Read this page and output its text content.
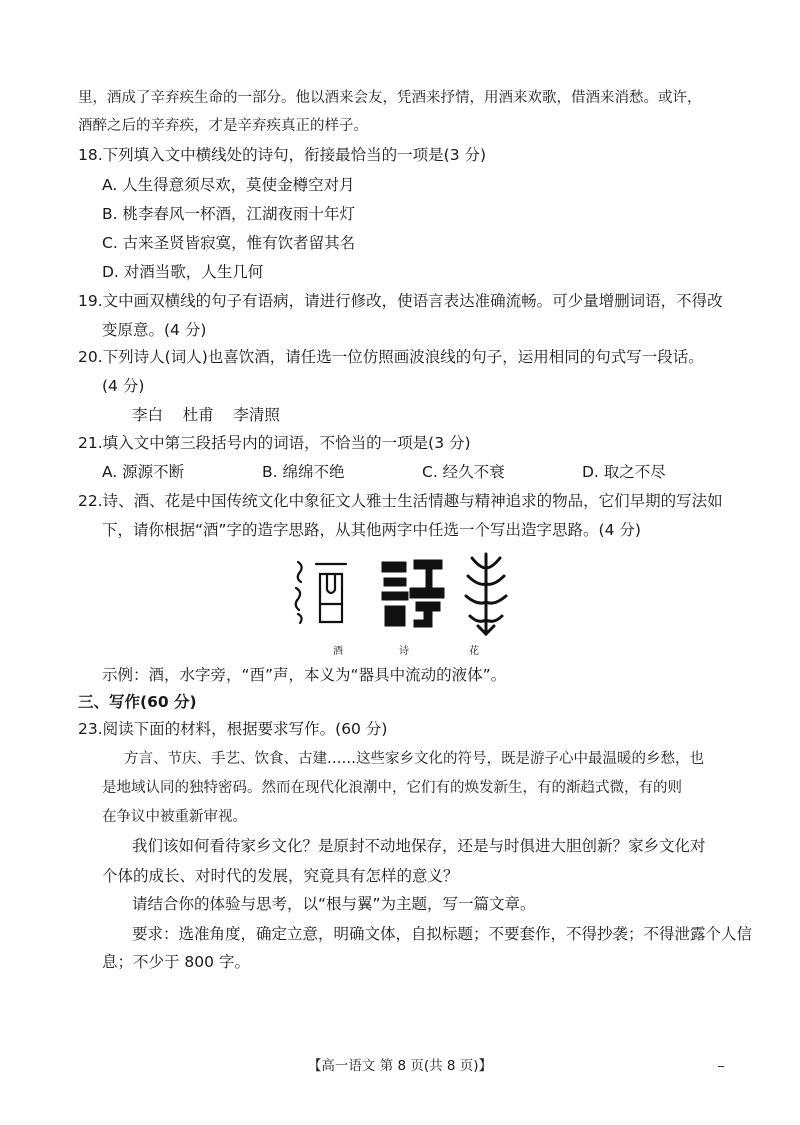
里，酒成了辛弃疾生命的一部分。他以酒来会友，凭酒来抒情，用酒来欢歌，借酒来消愁。或许，
酒醉之后的辛弃疾，才是辛弃疾真正的样子。
18.下列填入文中横线处的诗句，衔接最恰当的一项是(3 分)
A. 人生得意须尽欢，莫使金樽空对月
B. 桃李春风一杯酒，江湖夜雨十年灯
C. 古来圣贤皆寂寞，惟有饮者留其名
D. 对酒当歌，人生几何
19.文中画双横线的句子有语病，请进行修改，使语言表达准确流畅。可少量增删词语，不得改
变原意。(4 分)
20.下列诗人(词人)也喜饮酒，请任选一位仿照画波浪线的句子，运用相同的句式写一段话。
(4 分)
李白    杜甫    李清照
21.填入文中第三段括号内的词语，不恰当的一项是(3 分)
A. 源源不断	B. 绵绵不绝	C. 经久不衰	D. 取之不尽
22.诗、酒、花是中国传统文化中象征文人雅士生活情趣与精神追求的物品，它们早期的写法如
下，请你根据“酒”字的造字思路，从其他两字中任选一个写出造字思路。(4 分)
酒	诗	花
示例：酒，水字旁，“酉”声，本义为“器具中流动的液体”。
三、写作(60 分)
23.阅读下面的材料，根据要求写作。(60 分)
方言、节庆、手艺、饮食、古建……这些家乡文化的符号，既是游子心中最温暖的乡愁，也
是地域认同的独特密码。然而在现代化浪潮中，它们有的焕发新生，有的渐趋式微，有的则
在争议中被重新审视。
我们该如何看待家乡文化？是原封不动地保存，还是与时俱进大胆创新？家乡文化对
个体的成长、对时代的发展，究竟具有怎样的意义？
请结合你的体验与思考，以“根与翼”为主题，写一篇文章。
要求：选准角度，确定立意，明确文体，自拟标题；不要套作，不得抄袭；不得泄露个人信
息；不少于 800 字。
【高一语文 第 8 页(共 8 页)】
